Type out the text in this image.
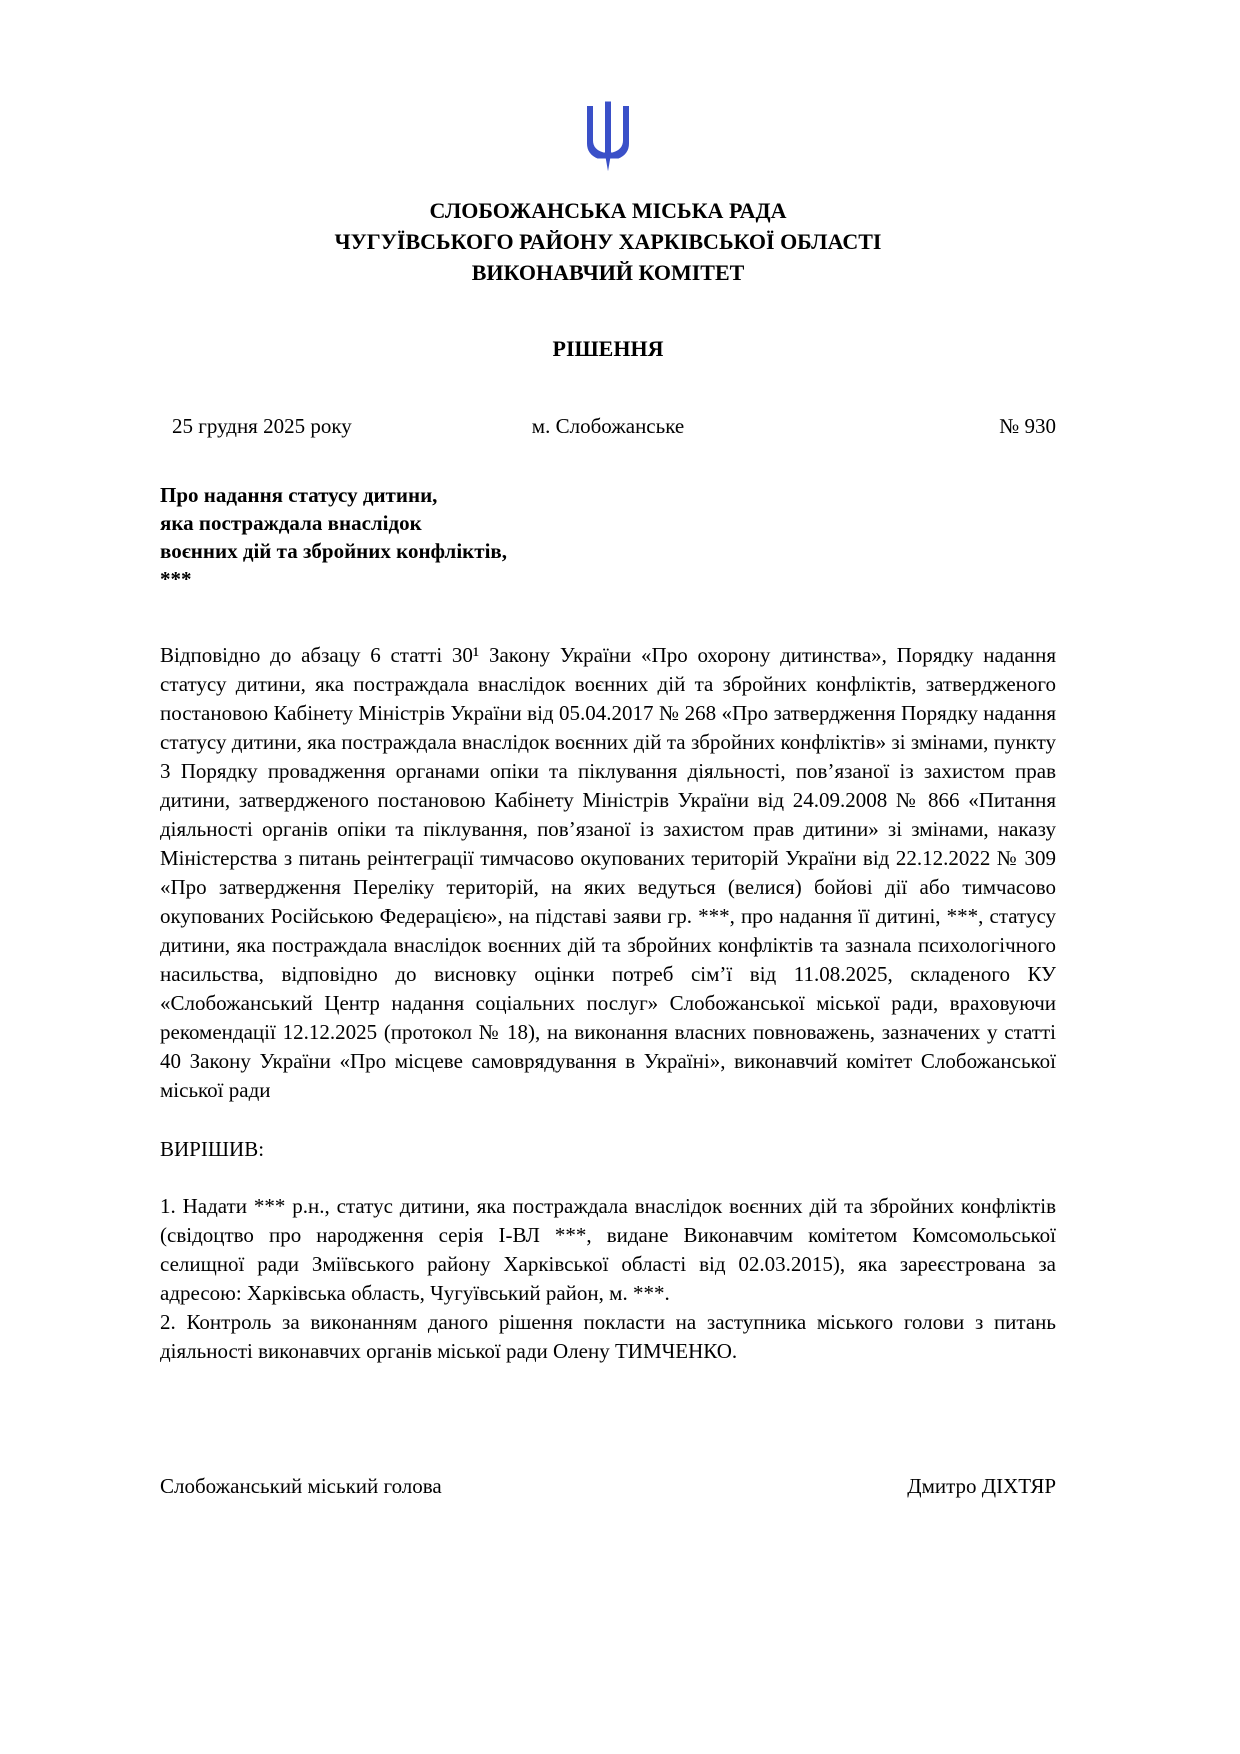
СЛОБОЖАНСЬКА МІСЬКА РАДА
ЧУГУЇВСЬКОГО РАЙОНУ ХАРКІВСЬКОЇ ОБЛАСТІ
ВИКОНАВЧИЙ КОМІТЕТ
РІШЕННЯ
25 грудня 2025 року	м. Слобожанське	№ 930
Про надання статусу дитини,
яка постраждала внаслідок
воєнних дій та збройних конфліктів,
***

Відповідно до абзацу 6 статті 30¹ Закону України «Про охорону дитинства», Порядку надання статусу дитини, яка постраждала внаслідок воєнних дій та збройних конфліктів, затвердженого постановою Кабінету Міністрів України від 05.04.2017 № 268 «Про затвердження Порядку надання статусу дитини, яка постраждала внаслідок воєнних дій та збройних конфліктів» зі змінами, пункту 3 Порядку провадження органами опіки та піклування діяльності, пов’язаної із захистом прав дитини, затвердженого постановою Кабінету Міністрів України від 24.09.2008 № 866 «Питання діяльності органів опіки та піклування, пов’язаної із захистом прав дитини» зі змінами, наказу Міністерства з питань реінтеграції тимчасово окупованих територій України від 22.12.2022 № 309 «Про затвердження Переліку територій, на яких ведуться (велися) бойові дії або тимчасово окупованих Російською Федерацією», на підставі заяви гр. ***, про надання її дитині, ***, статусу дитини, яка постраждала внаслідок воєнних дій та збройних конфліктів та зазнала психологічного насильства, відповідно до висновку оцінки потреб сім’ї від 11.08.2025, складеного КУ «Слобожанський Центр надання соціальних послуг» Слобожанської міської ради, враховуючи рекомендації 12.12.2025 (протокол № 18), на виконання власних повноважень, зазначених у статті 40 Закону України «Про місцеве самоврядування в Україні», виконавчий комітет Слобожанської міської ради

ВИРІШИВ:

1. Надати *** р.н., статус дитини, яка постраждала внаслідок воєнних дій та збройних конфліктів (свідоцтво про народження серія І-ВЛ ***, видане Виконавчим комітетом Комсомольської селищної ради Зміївського району Харківської області від 02.03.2015), яка зареєстрована за адресою: Харківська область, Чугуївський район, м. ***.

2. Контроль за виконанням даного рішення покласти на заступника міського голови з питань діяльності виконавчих органів міської ради Олену ТИМЧЕНКО.

Слобожанський міський голова	Дмитро ДІХТЯР
